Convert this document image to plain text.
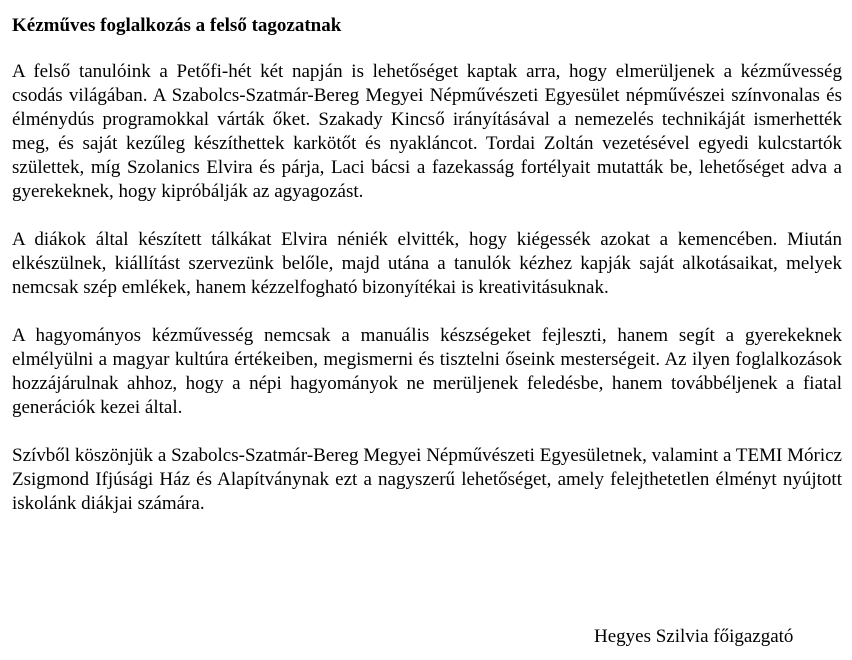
Kézműves foglalkozás a felső tagozatnak

A felső tanulóink a Petőfi-hét két napján is lehetőséget kaptak arra, hogy elmerüljenek a kézművesség csodás világában. A Szabolcs-Szatmár-Bereg Megyei Népművészeti Egyesület népművészei színvonalas és élménydús programokkal várták őket. Szakady Kincső irányításával a nemezelés technikáját ismerhették meg, és saját kezűleg készíthettek karkötőt és nyakláncot. Tordai Zoltán vezetésével egyedi kulcstartók születtek, míg Szolanics Elvira és párja, Laci bácsi a fazekasság fortélyait mutatták be, lehetőséget adva a gyerekeknek, hogy kipróbálják az agyagozást.

A diákok által készített tálkákat Elvira néniék elvitték, hogy kiégessék azokat a kemencében. Miután elkészülnek, kiállítást szervezünk belőle, majd utána a tanulók kézhez kapják saját alkotásaikat, melyek nemcsak szép emlékek, hanem kézzelfogható bizonyítékai is kreativitásuknak.

A hagyományos kézművesség nemcsak a manuális készségeket fejleszti, hanem segít a gyerekeknek elmélyülni a magyar kultúra értékeiben, megismerni és tisztelni őseink mesterségeit. Az ilyen foglalkozások hozzájárulnak ahhoz, hogy a népi hagyományok ne merüljenek feledésbe, hanem továbbéljenek a fiatal generációk kezei által.

Szívből köszönjük a Szabolcs-Szatmár-Bereg Megyei Népművészeti Egyesületnek, valamint a TEMI Móricz Zsigmond Ifjúsági Ház és Alapítványnak ezt a nagyszerű lehetőséget, amely felejthetetlen élményt nyújtott iskolánk diákjai számára.

Hegyes Szilvia főigazgató
